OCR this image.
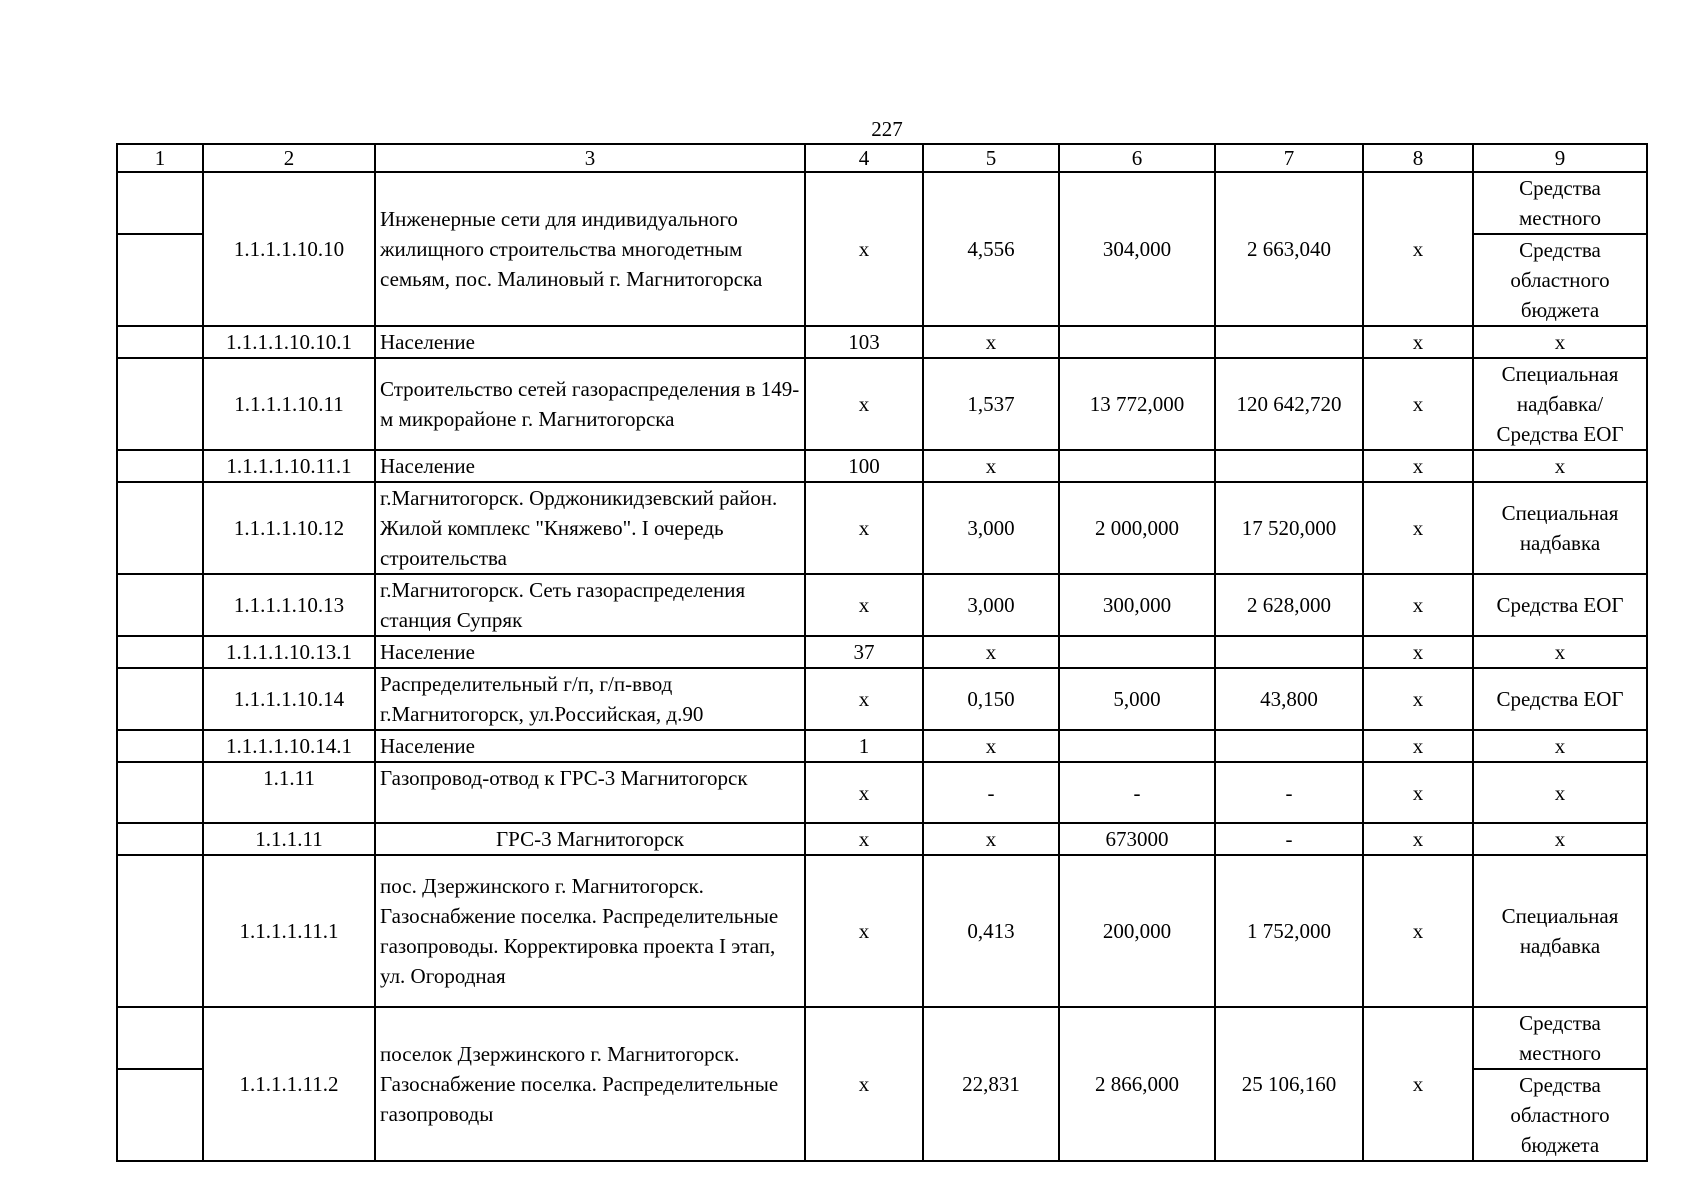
227
1	2	3	4	5	6	7	8	9
	1.1.1.1.10.10	Инженерные сети для индивидуального жилищного строительства многодетным семьям, пос. Малиновый г. Магнитогорска	x	4,556	304,000	2 663,040	x	Средства местного
								Средства областного бюджета
	1.1.1.1.10.10.1	Население	103	x			x	x
	1.1.1.1.10.11	Строительство сетей газораспределения в 149-м микрорайоне г. Магнитогорска	x	1,537	13 772,000	120 642,720	x	Специальная надбавка/Средства ЕОГ
	1.1.1.1.10.11.1	Население	100	x			x	x
	1.1.1.1.10.12	г.Магнитогорск. Орджоникидзевский район. Жилой комплекс "Княжево". I очередь строительства	x	3,000	2 000,000	17 520,000	x	Специальная надбавка
	1.1.1.1.10.13	г.Магнитогорск. Сеть газораспределения станция Супряк	x	3,000	300,000	2 628,000	x	Средства ЕОГ
	1.1.1.1.10.13.1	Население	37	x			x	x
	1.1.1.1.10.14	Распределительный г/п, г/п-ввод г.Магнитогорск, ул.Российская, д.90	x	0,150	5,000	43,800	x	Средства ЕОГ
	1.1.1.1.10.14.1	Население	1	x			x	x
	1.1.11	Газопровод-отвод к ГРС-3 Магнитогорск	x	-	-	-	x	x
	1.1.1.11	ГРС-3 Магнитогорск	x	x	673000	-	x	x
	1.1.1.1.11.1	пос. Дзержинского г. Магнитогорск. Газоснабжение поселка. Распределительные газопроводы. Корректировка проекта I этап, ул. Огородная	x	0,413	200,000	1 752,000	x	Специальная надбавка
	1.1.1.1.11.2	поселок Дзержинского г. Магнитогорск. Газоснабжение поселка. Распределительные газопроводы	x	22,831	2 866,000	25 106,160	x	Средства местного
								Средства областного бюджета
